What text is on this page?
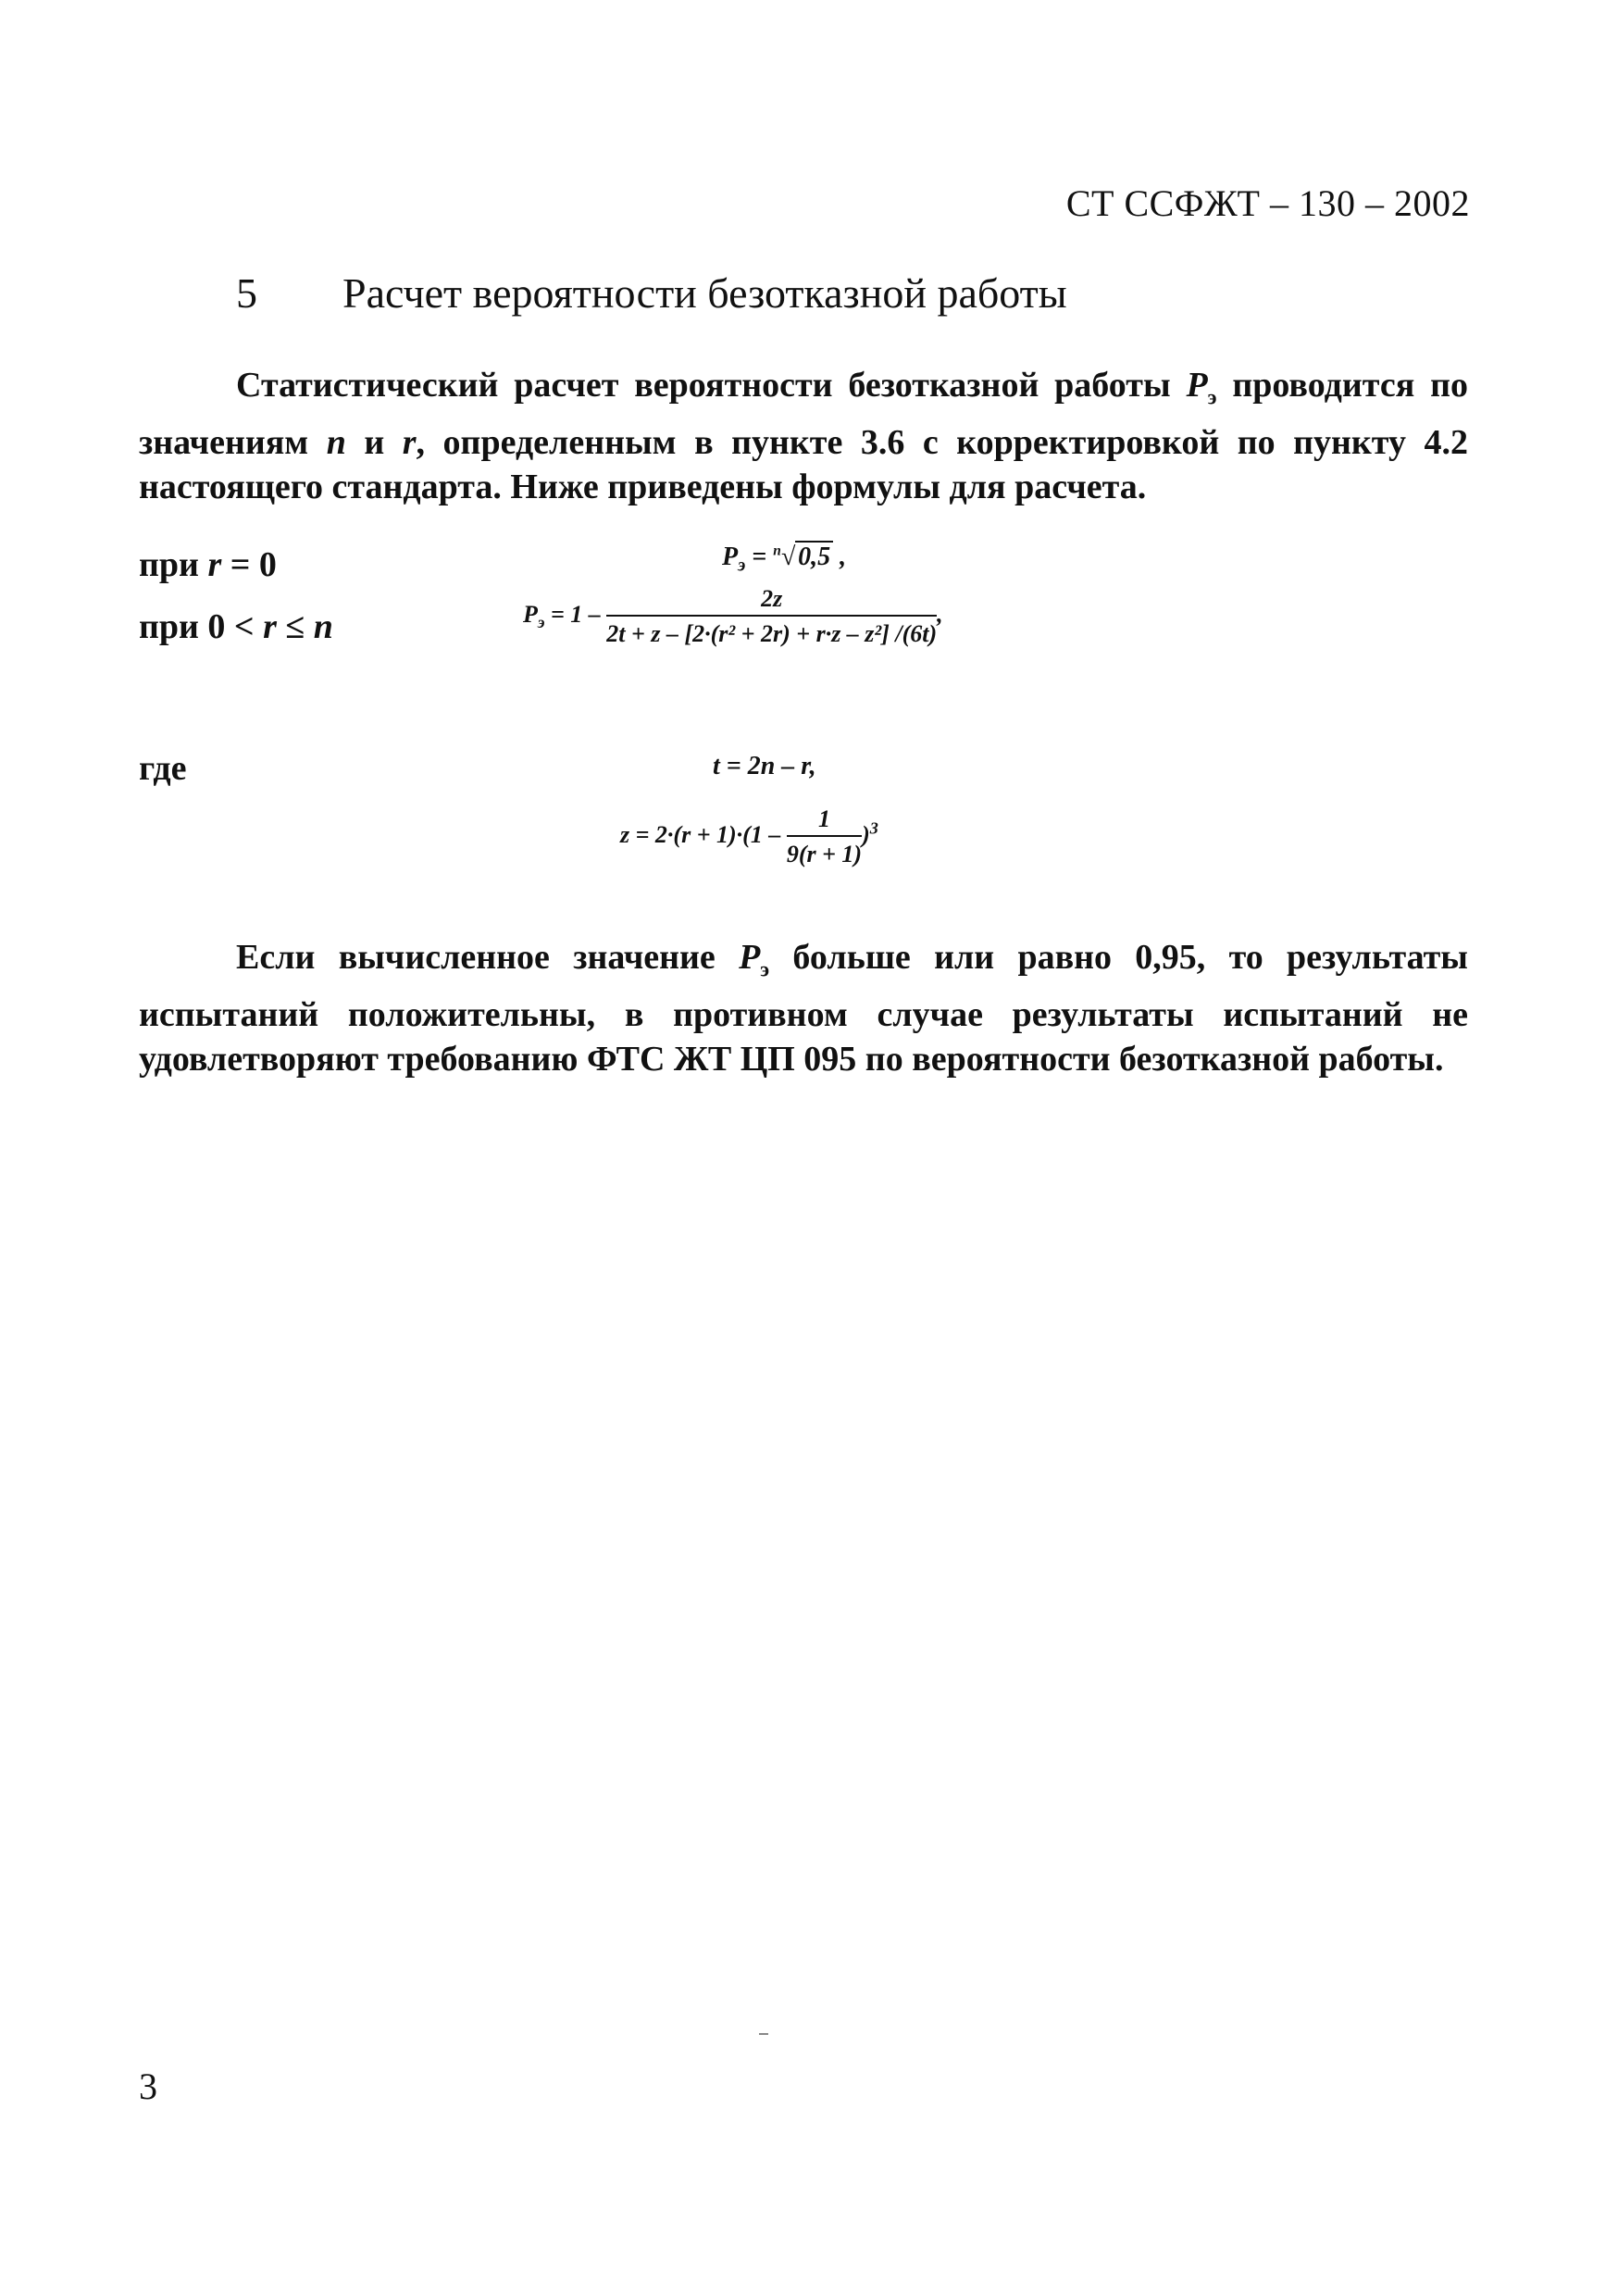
СТ ССФЖТ – 130 – 2002
5 Расчет вероятности безотказной работы

Статистический расчет вероятности безотказной работы $P_э$ проводится по значениям n и r, определенным в пункте 3.6 с корректировкой по пункту 4.2 настоящего стандарта. Ниже приведены формулы для расчета.

при r = 0
при 0 < r ≤ n
где
$P_э = ^n√$ 0,5 ,
$P_э = 1 - \frac{2z}{\text{2t + z – [2·(r² + 2r) + r·z – z²] /(6t)}}$ ,
t = 2n – r,
$z = 2\cdot(r + 1)\cdot(1 - \frac{1}{9(r + 1)} )^3$

Если вычисленное значение $P_э$ больше или равно 0,95, то результаты испытаний положительны, в противном случае результаты испытаний не удовлетворяют требованию ФТС ЖТ ЦП 095 по вероятности безотказной работы.

3
